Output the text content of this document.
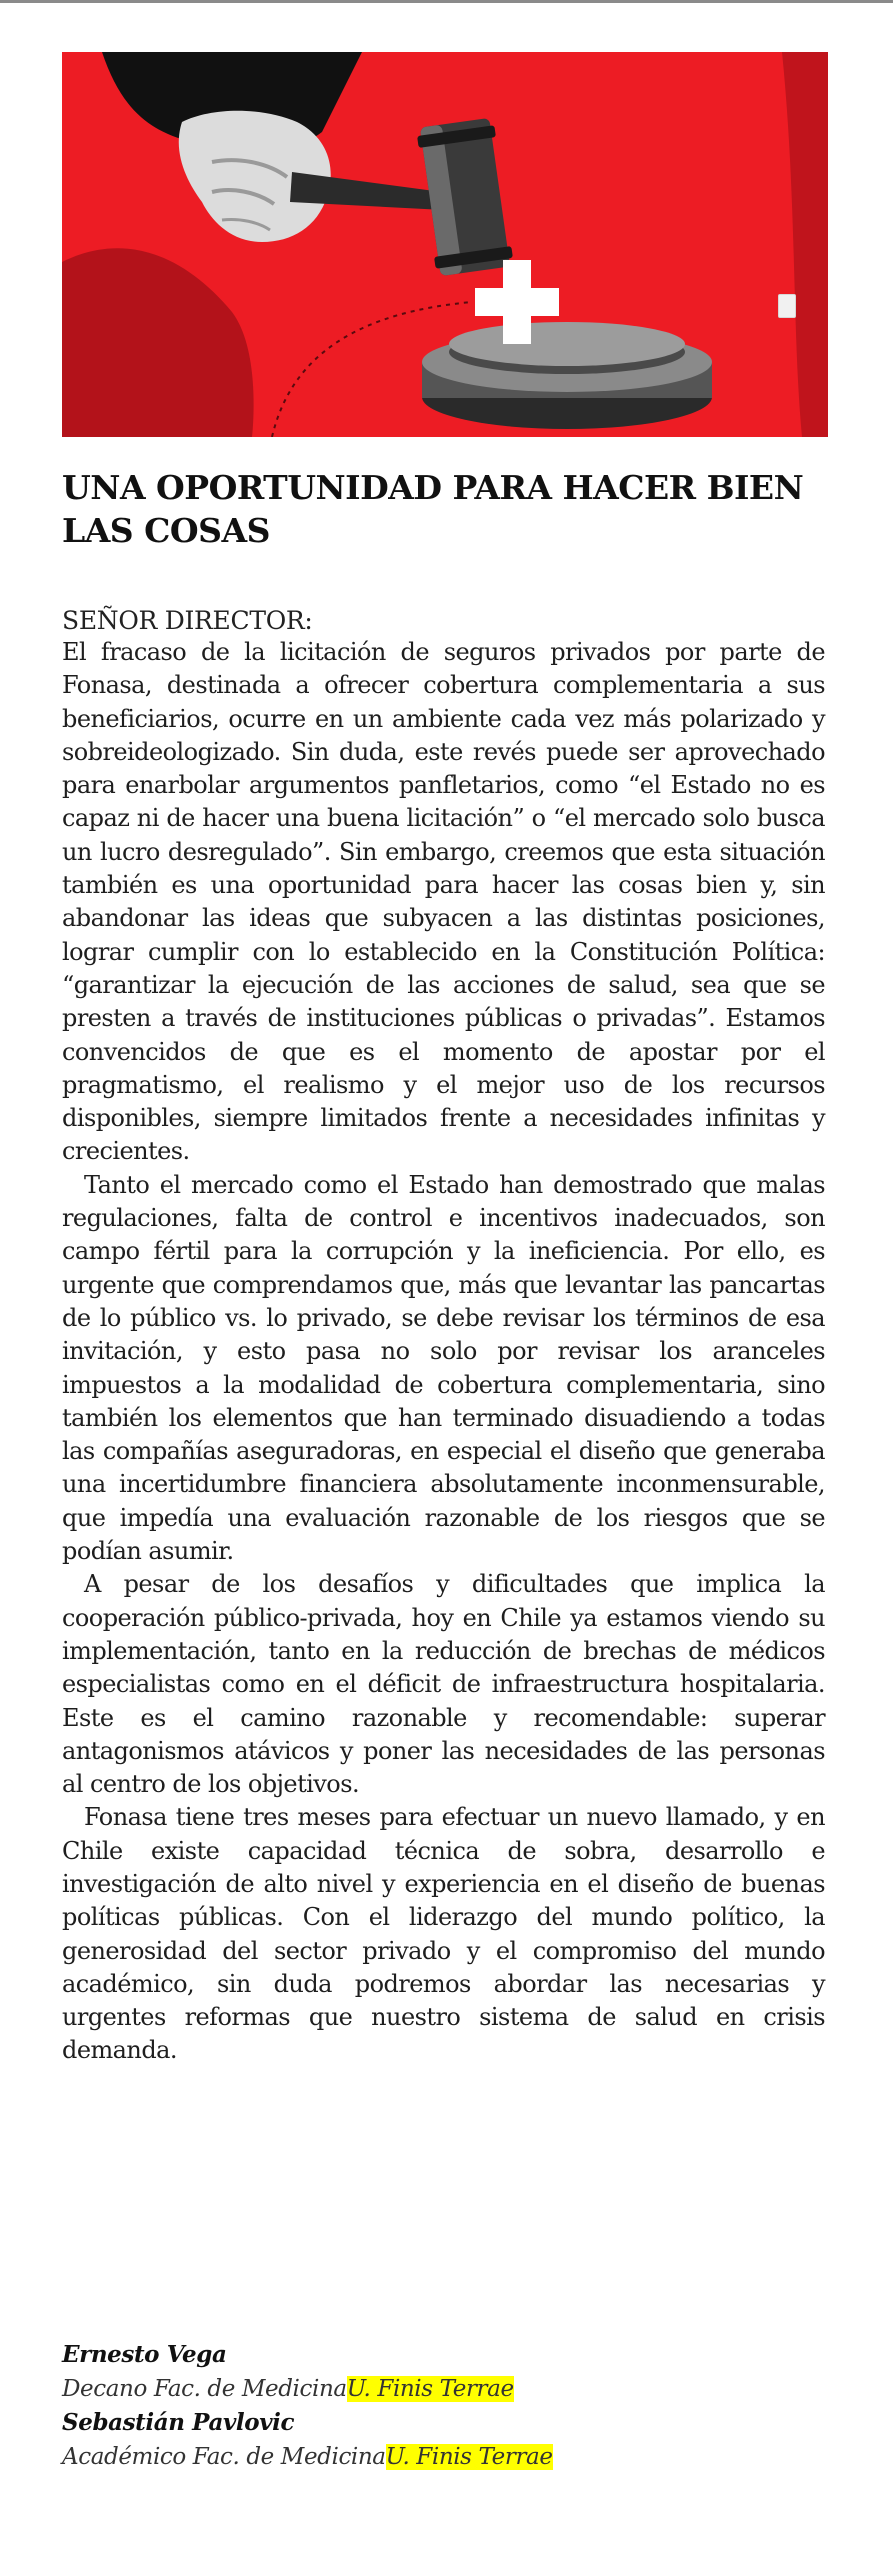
UNA OPORTUNIDAD PARA HACER BIEN LAS COSAS

SEÑOR DIRECTOR:

El fracaso de la licitación de seguros privados por parte de Fonasa, destinada a ofrecer cobertura complementaria a sus beneficiarios, ocurre en un ambiente cada vez más polarizado y sobreideologizado. Sin duda, este revés puede ser aprovechado para enarbolar argumentos panfletarios, como “el Estado no es capaz ni de hacer una buena licitación” o “el mercado solo busca un lucro desregulado”. Sin embargo, creemos que esta situación también es una oportunidad para hacer las cosas bien y, sin abandonar las ideas que subyacen a las distintas posiciones, lograr cumplir con lo establecido en la Constitución Política: “garantizar la ejecución de las acciones de salud, sea que se presten a través de instituciones públicas o privadas”. Estamos convencidos de que es el momento de apostar por el pragmatismo, el realismo y el mejor uso de los recursos disponibles, siempre limitados frente a necesidades infinitas y crecientes.

Tanto el mercado como el Estado han demostrado que malas regulaciones, falta de control e incentivos inadecuados, son campo fértil para la corrupción y la ineficiencia. Por ello, es urgente que comprendamos que, más que levantar las pancartas de lo público vs. lo privado, se debe revisar los términos de esa invitación, y esto pasa no solo por revisar los aranceles impuestos a la modalidad de cobertura complementaria, sino también los elementos que han terminado disuadiendo a todas las compañías aseguradoras, en especial el diseño que generaba una incertidumbre financiera absolutamente inconmensurable, que impedía una evaluación razonable de los riesgos que se podían asumir.

A pesar de los desafíos y dificultades que implica la cooperación público-privada, hoy en Chile ya estamos viendo su implementación, tanto en la reducción de brechas de médicos especialistas como en el déficit de infraestructura hospitalaria. Este es el camino razonable y recomendable: superar antagonismos atávicos y poner las necesidades de las personas al centro de los objetivos.

Fonasa tiene tres meses para efectuar un nuevo llamado, y en Chile existe capacidad técnica de sobra, desarrollo e investigación de alto nivel y experiencia en el diseño de buenas políticas públicas. Con el liderazgo del mundo político, la generosidad del sector privado y el compromiso del mundo académico, sin duda podremos abordar las necesarias y urgentes reformas que nuestro sistema de salud en crisis demanda.

Ernesto Vega
Decano Fac. de MedicinaU. Finis Terrae
Sebastián Pavlovic
Académico Fac. de MedicinaU. Finis Terrae
